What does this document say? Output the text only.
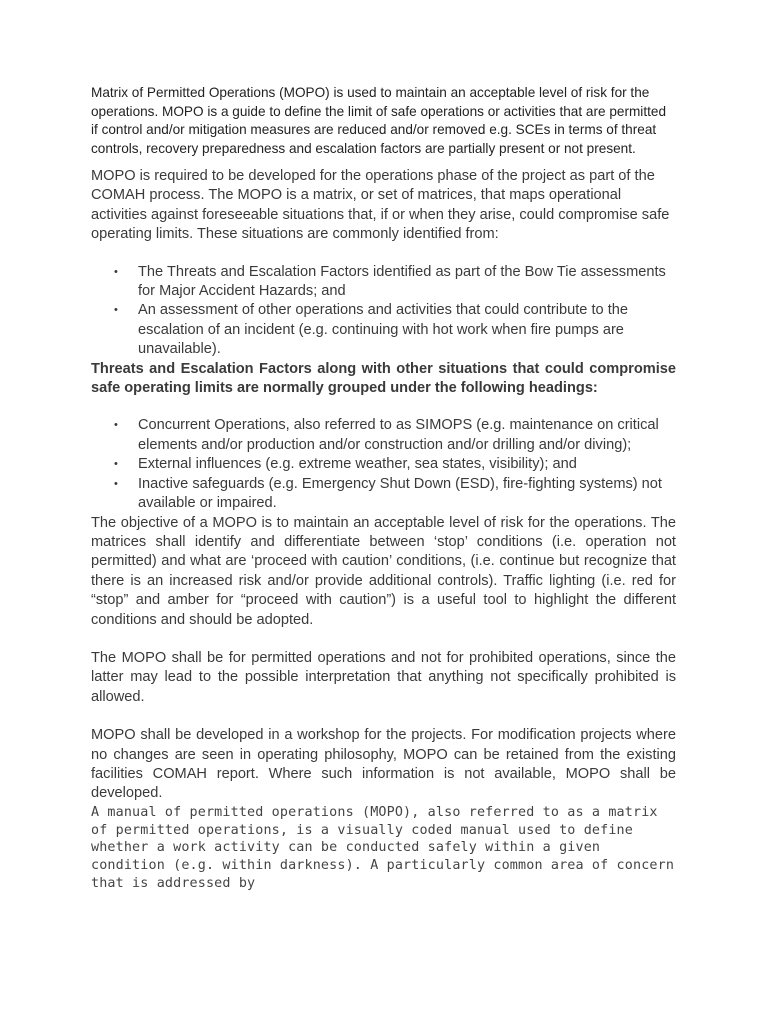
Matrix of Permitted Operations (MOPO) is used to maintain an acceptable level of risk for the operations. MOPO is a guide to define the limit of safe operations or activities that are permitted if control and/or mitigation measures are reduced and/or removed e.g. SCEs in terms of threat controls, recovery preparedness and escalation factors are partially present or not present.

MOPO is required to be developed for the operations phase of the project as part of the COMAH process. The MOPO is a matrix, or set of matrices, that maps operational activities against foreseeable situations that, if or when they arise, could compromise safe operating limits. These situations are commonly identified from:

• The Threats and Escalation Factors identified as part of the Bow Tie assessments for Major Accident Hazards; and
• An assessment of other operations and activities that could contribute to the escalation of an incident (e.g. continuing with hot work when fire pumps are unavailable).

Threats and Escalation Factors along with other situations that could compromise safe operating limits are normally grouped under the following headings:

• Concurrent Operations, also referred to as SIMOPS (e.g. maintenance on critical elements and/or production and/or construction and/or drilling and/or diving);
• External influences (e.g. extreme weather, sea states, visibility); and
• Inactive safeguards (e.g. Emergency Shut Down (ESD), fire-fighting systems) not available or impaired.

The objective of a MOPO is to maintain an acceptable level of risk for the operations. The matrices shall identify and differentiate between ‘stop’ conditions (i.e. operation not permitted) and what are ‘proceed with caution’ conditions, (i.e. continue but recognize that there is an increased risk and/or provide additional controls). Traffic lighting (i.e. red for “stop” and amber for “proceed with caution”) is a useful tool to highlight the different conditions and should be adopted.

The MOPO shall be for permitted operations and not for prohibited operations, since the latter may lead to the possible interpretation that anything not specifically prohibited is allowed.

MOPO shall be developed in a workshop for the projects. For modification projects where no changes are seen in operating philosophy, MOPO can be retained from the existing facilities COMAH report. Where such information is not available, MOPO shall be developed.

A manual of permitted operations (MOPO), also referred to as a matrix of permitted operations, is a visually coded manual used to define whether a work activity can be conducted safely within a given condition (e.g. within darkness). A particularly common area of concern that is addressed by
